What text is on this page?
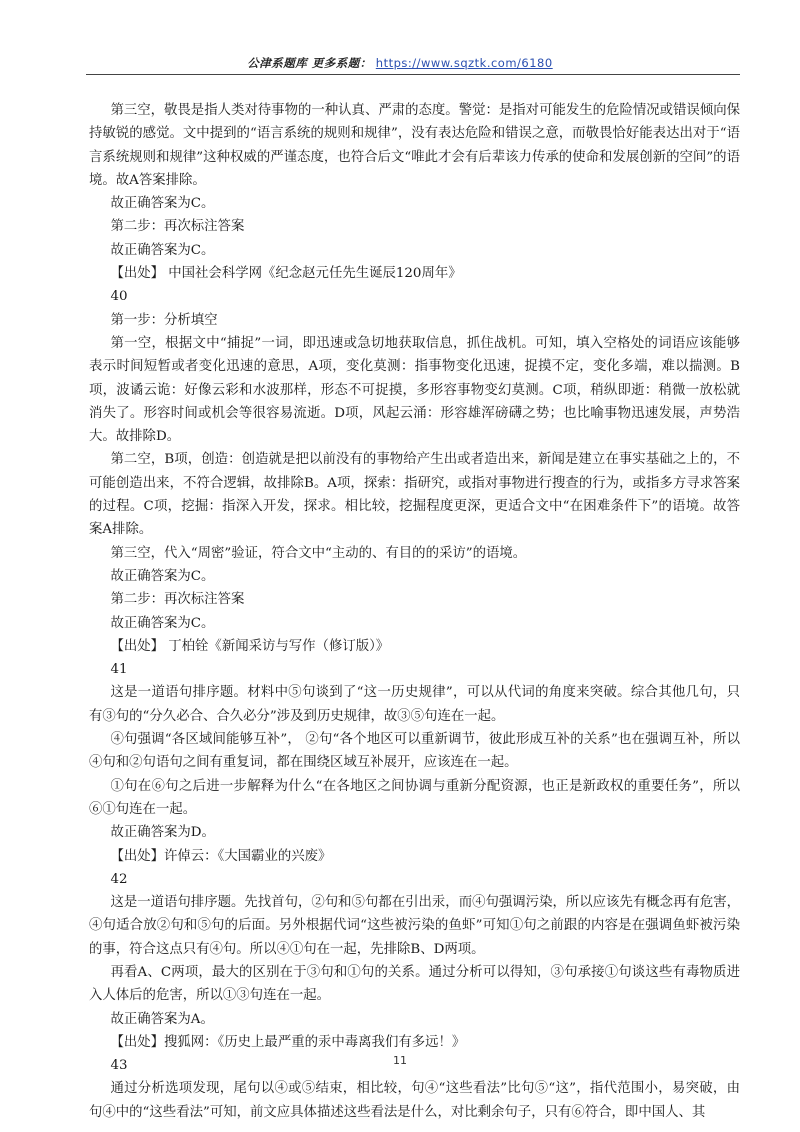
公津系题库 更多系题： https://www.sqztk.com/6180

第三空，敬畏是指人类对待事物的一种认真、严肃的态度。警觉：是指对可能发生的危险情况或错误倾向保持敏锐的感觉。文中提到的“语言系统的规则和规律”，没有表达危险和错误之意，而敬畏恰好能表达出对于“语言系统规则和规律”这种权威的严谨态度，也符合后文“唯此才会有后辈该力传承的使命和发展创新的空间”的语境。故A答案排除。

故正确答案为C。

第二步：再次标注答案

故正确答案为C。

【出处】 中国社会科学网《纪念赵元任先生诞辰120周年》

40

第一步：分析填空

第一空，根据文中“捕捉”一词，即迅速或急切地获取信息，抓住战机。可知，填入空格处的词语应该能够表示时间短暂或者变化迅速的意思，A项，变化莫测：指事物变化迅速，捉摸不定，变化多端，难以揣测。B项，波谲云诡：好像云彩和水波那样，形态不可捉摸，多形容事物变幻莫测。C项，稍纵即逝：稍微一放松就消失了。形容时间或机会等很容易流逝。D项，风起云涌：形容雄浑磅礴之势；也比喻事物迅速发展，声势浩大。故排除D。

第二空，B项，创造：创造就是把以前没有的事物给产生出或者造出来，新闻是建立在事实基础之上的，不可能创造出来，不符合逻辑，故排除B。A项，探索：指研究，或指对事物进行搜查的行为，或指多方寻求答案的过程。C项，挖掘：指深入开发，探求。相比较，挖掘程度更深，更适合文中“在困难条件下”的语境。故答案A排除。

第三空，代入“周密”验证，符合文中“主动的、有目的的采访”的语境。

故正确答案为C。

第二步：再次标注答案

故正确答案为C。

【出处】 丁柏铨《新闻采访与写作（修订版）》

41

这是一道语句排序题。材料中⑤句谈到了“这一历史规律”，可以从代词的角度来突破。综合其他几句，只有③句的“分久必合、合久必分”涉及到历史规律，故③⑤句连在一起。

④句强调“各区域间能够互补”， ②句“各个地区可以重新调节，彼此形成互补的关系”也在强调互补，所以④句和②句语句之间有重复词，都在围绕区域互补展开，应该连在一起。

①句在⑥句之后进一步解释为什么“在各地区之间协调与重新分配资源，也正是新政权的重要任务”，所以⑥①句连在一起。

故正确答案为D。

【出处】许倬云：《大国霸业的兴废》

42

这是一道语句排序题。先找首句，②句和⑤句都在引出汞，而④句强调污染，所以应该先有概念再有危害，④句适合放②句和⑤句的后面。另外根据代词“这些被污染的鱼虾”可知①句之前跟的内容是在强调鱼虾被污染的事，符合这点只有④句。所以④①句在一起，先排除B、D两项。

再看A、C两项，最大的区别在于③句和①句的关系。通过分析可以得知，③句承接①句谈这些有毒物质进入人体后的危害，所以①③句连在一起。

故正确答案为A。

【出处】搜狐网：《历史上最严重的汞中毒离我们有多远！》

43

通过分析选项发现，尾句以④或⑤结束，相比较，句④“这些看法”比句⑤“这”，指代范围小，易突破，由句④中的“这些看法”可知，前文应具体描述这些看法是什么，对比剩余句子，只有⑥符合，即中国人、其

11
